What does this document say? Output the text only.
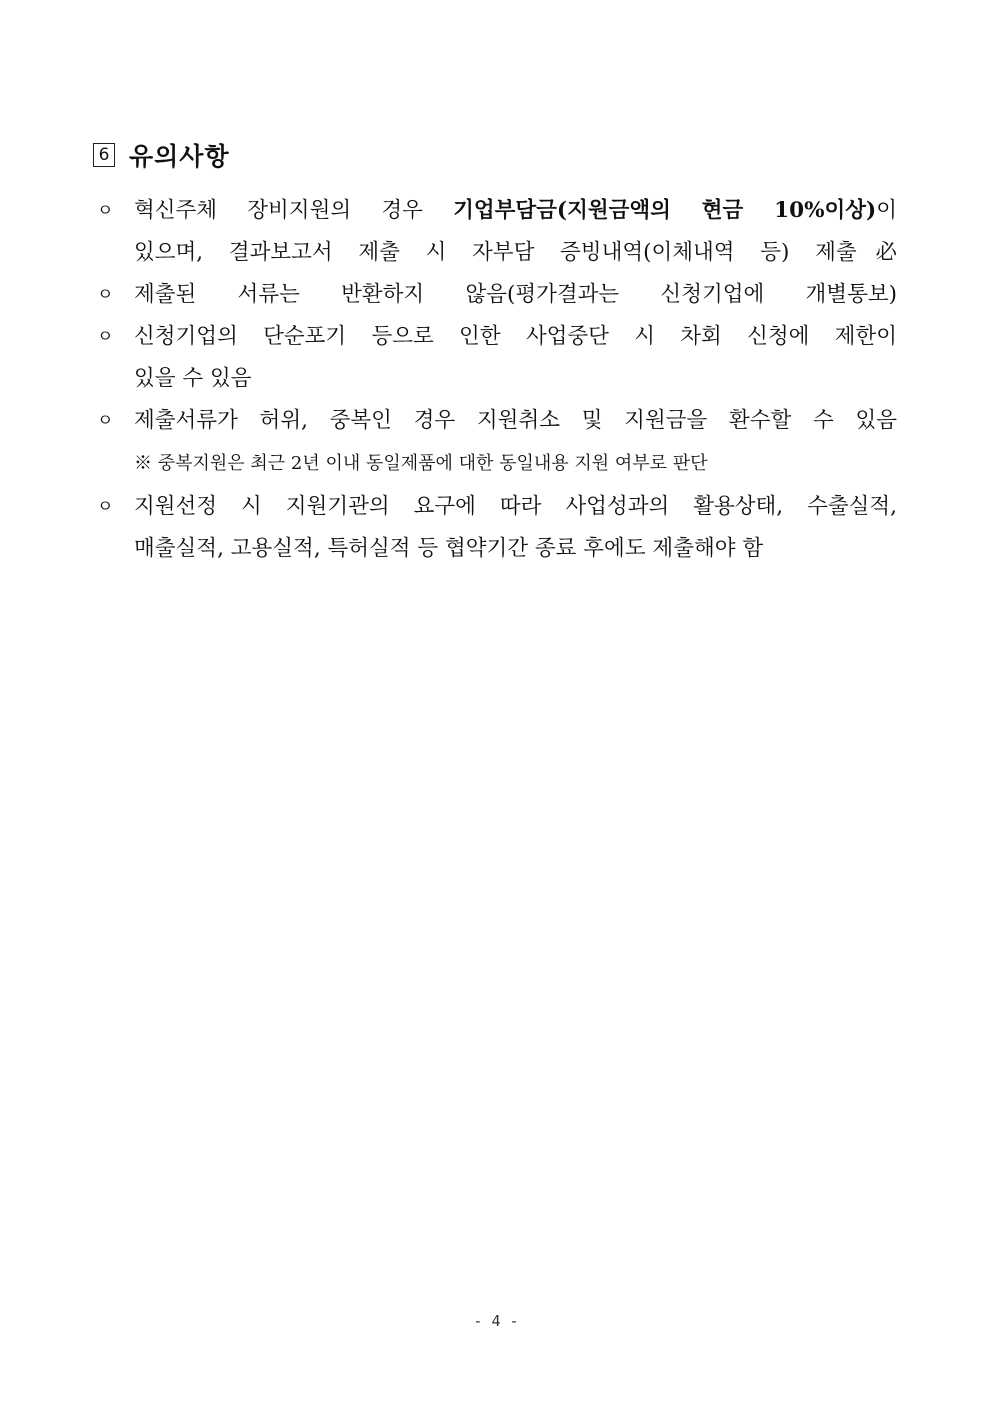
6 유의사항
ㅇ 혁신주체 장비지원의 경우 기업부담금(지원금액의 현금 10%이상)이
있으며, 결과보고서 제출 시 자부담 증빙내역(이체내역 등) 제출必
ㅇ 제출된 서류는 반환하지 않음(평가결과는 신청기업에 개별통보)
ㅇ 신청기업의 단순포기 등으로 인한 사업중단 시 차회 신청에 제한이
있을 수 있음
ㅇ 제출서류가 허위, 중복인 경우 지원취소 및 지원금을 환수할 수 있음
※ 중복지원은 최근 2년 이내 동일제품에 대한 동일내용 지원 여부로 판단
ㅇ 지원선정 시 지원기관의 요구에 따라 사업성과의 활용상태, 수출실적,
매출실적, 고용실적, 특허실적 등 협약기간 종료 후에도 제출해야 함
- 4 -
